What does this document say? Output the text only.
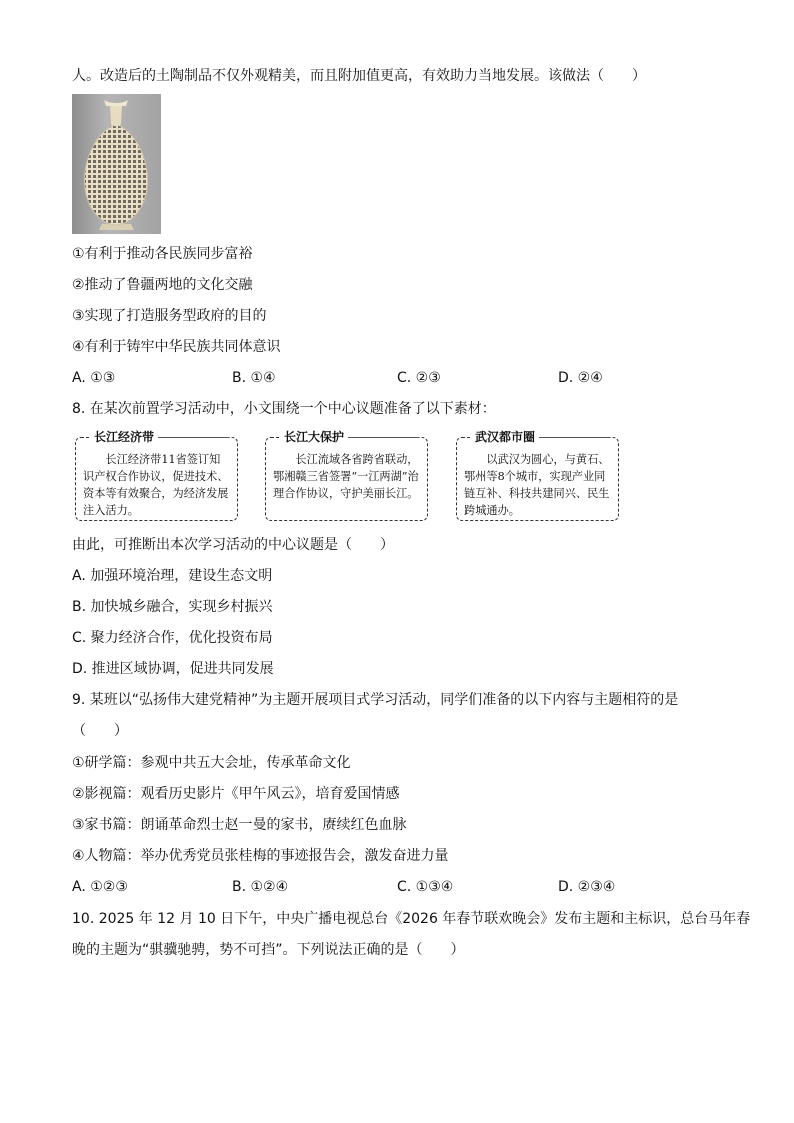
人。改造后的土陶制品不仅外观精美，而且附加值更高，有效助力当地发展。该做法（　　）
①有利于推动各民族同步富裕
②推动了鲁疆两地的文化交融
③实现了打造服务型政府的目的
④有利于铸牢中华民族共同体意识
A. ①③	B. ①④	C. ②③	D. ②④
8. 在某次前置学习活动中，小文围绕一个中心议题准备了以下素材：
长江经济带
长江经济带11省签订知识产权合作协议，促进技术、资本等有效聚合，为经济发展注入活力。
长江大保护
长江流域各省跨省联动，鄂湘赣三省签署“一江两湖”治理合作协议，守护美丽长江。
武汉都市圈
以武汉为圆心，与黄石、鄂州等8个城市，实现产业同链互补、科技共建同兴、民生跨城通办。
由此，可推断出本次学习活动的中心议题是（　　）
A. 加强环境治理，建设生态文明
B. 加快城乡融合，实现乡村振兴
C. 聚力经济合作，优化投资布局
D. 推进区域协调，促进共同发展
9. 某班以“弘扬伟大建党精神”为主题开展项目式学习活动，同学们准备的以下内容与主题相符的是
（　　）
①研学篇：参观中共五大会址，传承革命文化
②影视篇：观看历史影片《甲午风云》，培育爱国情感
③家书篇：朗诵革命烈士赵一曼的家书，赓续红色血脉
④人物篇：举办优秀党员张桂梅的事迹报告会，激发奋进力量
A. ①②③	B. ①②④	C. ①③④	D. ②③④
10. 2025 年 12 月 10 日下午，中央广播电视总台《2026 年春节联欢晚会》发布主题和主标识，总台马年春
晚的主题为“骐骥驰骋，势不可挡”。下列说法正确的是（　　）
